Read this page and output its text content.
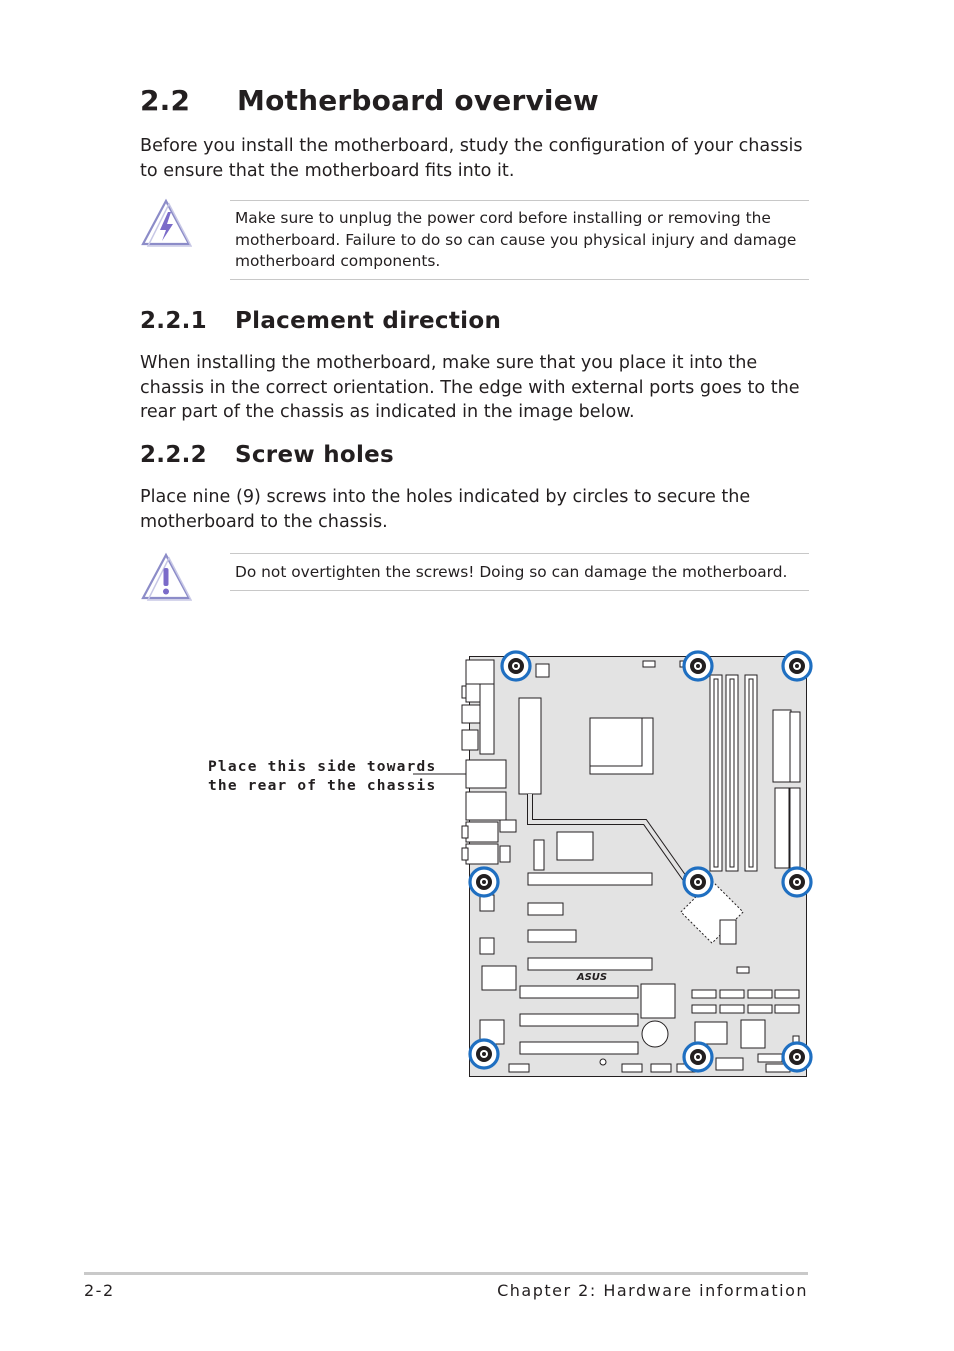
2.2 Motherboard overview
Before you install the motherboard, study the configuration of your chassis to ensure that the motherboard fits into it.
Make sure to unplug the power cord before installing or removing the motherboard. Failure to do so can cause you physical injury and damage motherboard components.
2.2.1 Placement direction
When installing the motherboard, make sure that you place it into the chassis in the correct orientation. The edge with external ports goes to the rear part of the chassis as indicated in the image below.
2.2.2 Screw holes
Place nine (9) screws into the holes indicated by circles to secure the motherboard to the chassis.
Do not overtighten the screws! Doing so can damage the motherboard.
Place this side towards
the rear of the chassis
ASUS
2-2	Chapter 2: Hardware information
